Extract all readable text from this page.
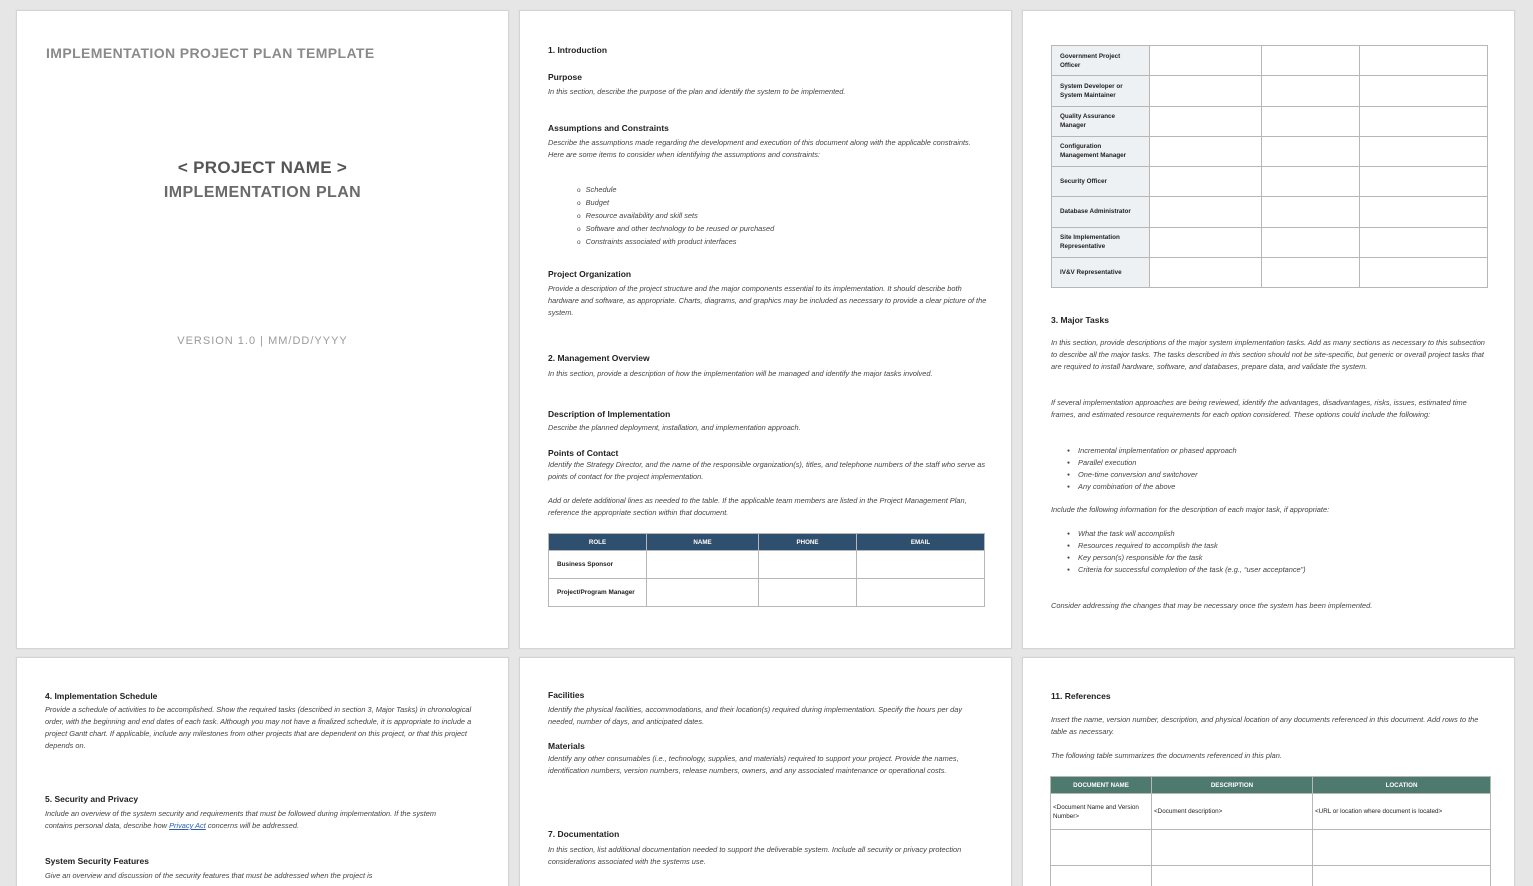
IMPLEMENTATION PROJECT PLAN TEMPLATE
< PROJECT NAME >
IMPLEMENTATION PLAN
VERSION 1.0 | MM/DD/YYYY
1. Introduction
Purpose
In this section, describe the purpose of the plan and identify the system to be implemented.
Assumptions and Constraints
Describe the assumptions made regarding the development and execution of this document along with the applicable constraints. Here are some items to consider when identifying the assumptions and constraints:
o Schedule
o Budget
o Resource availability and skill sets
o Software and other technology to be reused or purchased
o Constraints associated with product interfaces
Project Organization
Provide a description of the project structure and the major components essential to its implementation. It should describe both hardware and software, as appropriate. Charts, diagrams, and graphics may be included as necessary to provide a clear picture of the system.
2. Management Overview
In this section, provide a description of how the implementation will be managed and identify the major tasks involved.
Description of Implementation
Describe the planned deployment, installation, and implementation approach.
Points of Contact
Identify the Strategy Director, and the name of the responsible organization(s), titles, and telephone numbers of the staff who serve as points of contact for the project implementation.
Add or delete additional lines as needed to the table. If the applicable team members are listed in the Project Management Plan, reference the appropriate section within that document.
ROLE	NAME	PHONE	EMAIL
Business Sponsor			
Project/Program Manager			
Government Project Officer			
System Developer or System Maintainer			
Quality Assurance Manager			
Configuration Management Manager			
Security Officer			
Database Administrator			
Site Implementation Representative			
IV&V Representative			
3. Major Tasks
In this section, provide descriptions of the major system implementation tasks. Add as many sections as necessary to this subsection to describe all the major tasks. The tasks described in this section should not be site-specific, but generic or overall project tasks that are required to install hardware, software, and databases, prepare data, and validate the system.
If several implementation approaches are being reviewed, identify the advantages, disadvantages, risks, issues, estimated time frames, and estimated resource requirements for each option considered. These options could include the following:
● Incremental implementation or phased approach
● Parallel execution
● One-time conversion and switchover
● Any combination of the above
Include the following information for the description of each major task, if appropriate:
● What the task will accomplish
● Resources required to accomplish the task
● Key person(s) responsible for the task
● Criteria for successful completion of the task (e.g., “user acceptance”)
Consider addressing the changes that may be necessary once the system has been implemented.
4. Implementation Schedule
Provide a schedule of activities to be accomplished. Show the required tasks (described in section 3, Major Tasks) in chronological order, with the beginning and end dates of each task. Although you may not have a finalized schedule, it is appropriate to include a project Gantt chart. If applicable, include any milestones from other projects that are dependent on this project, or that this project depends on.
5. Security and Privacy
Include an overview of the system security and requirements that must be followed during implementation. If the system contains personal data, describe how Privacy Act concerns will be addressed.
System Security Features
Give an overview and discussion of the security features that must be addressed when the project is
Facilities
Identify the physical facilities, accommodations, and their location(s) required during implementation. Specify the hours per day needed, number of days, and anticipated dates.
Materials
Identify any other consumables (i.e., technology, supplies, and materials) required to support your project. Provide the names, identification numbers, version numbers, release numbers, owners, and any associated maintenance or operational costs.
7. Documentation
In this section, list additional documentation needed to support the deliverable system. Include all security or privacy protection considerations associated with the systems use.
11. References
Insert the name, version number, description, and physical location of any documents referenced in this document. Add rows to the table as necessary.
The following table summarizes the documents referenced in this plan.
DOCUMENT NAME	DESCRIPTION	LOCATION
<Document Name and Version Number>	<Document description>	<URL or location where document is located>
